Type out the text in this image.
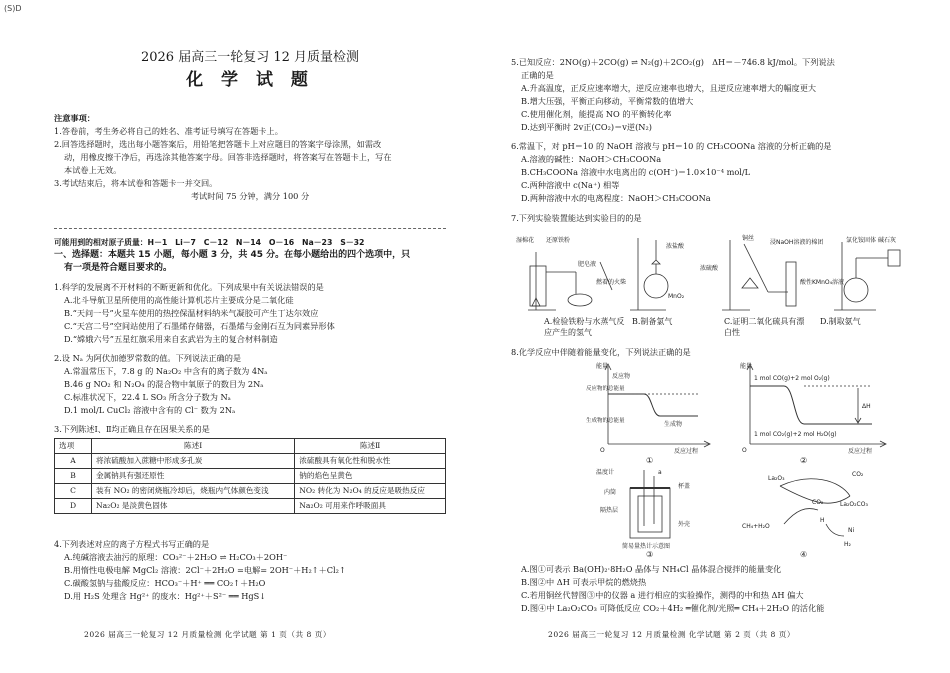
(S)D
2026 届高三一轮复习 12 月质量检测
化 学 试 题
注意事项：
1.答卷前，考生务必将自己的姓名、准考证号填写在答题卡上。
2.回答选择题时，选出每小题答案后，用铅笔把答题卡上对应题目的答案字母涂黑，如需改
动，用橡皮擦干净后，再选涂其他答案字母。回答非选择题时，将答案写在答题卡上，写在
本试卷上无效。
3.考试结束后，将本试卷和答题卡一并交回。
考试时间 75 分钟，满分 100 分
可能用到的相对原子质量：H－1　Li－7　C－12　N－14　O－16　Na－23　S－32
一、选择题：本题共 15 小题，每小题 3 分，共 45 分。在每小题给出的四个选项中，只
有一项是符合题目要求的。
1.科学的发展离不开材料的不断更新和优化。下列成果中有关说法错误的是
A.北斗导航卫星所使用的高性能计算机芯片主要成分是二氧化硅
B.“天问一号”火星车使用的热控保温材料纳米气凝胶可产生丁达尔效应
C.“天宫二号”空间站使用了石墨烯存储器，石墨烯与金刚石互为同素异形体
D.“嫦娥六号”五星红旗采用来自玄武岩为主的复合材料制造
2.设 Nₐ 为阿伏加德罗常数的值。下列说法正确的是
A.常温常压下，7.8 g 的 Na₂O₂ 中含有的离子数为 4Nₐ
B.46 g NO₂ 和 N₂O₄ 的混合物中氧原子的数目为 2Nₐ
C.标准状况下，22.4 L SO₃ 所含分子数为 Nₐ
D.1 mol/L CuCl₂ 溶液中含有的 Cl⁻ 数为 2Nₐ
3.下列陈述Ⅰ、Ⅱ均正确且存在因果关系的是
选项	陈述Ⅰ	陈述Ⅱ
A	将浓硫酸加入蔗糖中形成多孔炭	浓硫酸具有氧化性和脱水性
B	金属钠具有强还原性	钠的焰色呈黄色
C	装有 NO₂ 的密闭烧瓶冷却后，烧瓶内气体颜色变浅	NO₂ 转化为 N₂O₄ 的反应是吸热反应
D	Na₂O₂ 是淡黄色固体	Na₂O₂ 可用来作呼吸面具
4.下列表述对应的离子方程式书写正确的是
A.纯碱溶液去油污的原理：CO₃²⁻＋2H₂O ⇌ H₂CO₃＋2OH⁻
B.用惰性电极电解 MgCl₂ 溶液：2Cl⁻＋2H₂O =电解= 2OH⁻＋H₂↑＋Cl₂↑
C.碳酸氢钠与盐酸反应：HCO₃⁻＋H⁺ ══ CO₂↑＋H₂O
D.用 H₂S 处理含 Hg²⁺ 的废水：Hg²⁺＋S²⁻ ══ HgS↓
2026 届高三一轮复习 12 月质量检测 化学试题 第 1 页（共 8 页）
5.已知反应：2NO(g)＋2CO(g) ⇌ N₂(g)＋2CO₂(g)　ΔH＝－746.8 kJ/mol。下列说法
正确的是
A.升高温度，正反应速率增大，逆反应速率也增大，且逆反应速率增大的幅度更大
B.增大压强，平衡正向移动，平衡常数的值增大
C.使用催化剂，能提高 NO 的平衡转化率
D.达到平衡时 2v正(CO₂)＝v逆(N₂)
6.常温下，对 pH＝10 的 NaOH 溶液与 pH＝10 的 CH₃COONa 溶液的分析正确的是
A.溶液的碱性：NaOH＞CH₃COONa
B.CH₃COONa 溶液中水电离出的 c(OH⁻)＝1.0×10⁻⁴ mol/L
C.两种溶液中 c(Na⁺) 相等
D.两种溶液中水的电离程度：NaOH＞CH₃COONa
7.下列实验装置能达到实验目的的是
湿棉花 还原铁粉
肥皂液
燃着的火柴
浓盐酸
MnO₂
铜丝
浸NaOH溶液的棉团
浓硫酸
酸性KMnO₄溶液
氯化铵固体 碱石灰
A.检验铁粉与水蒸气反应产生的氢气
B.制备氯气	C.证明二氧化硫具有漂白性
D.制取氨气
8.化学反应中伴随着能量变化，下列说法正确的是
能量
反应物
反应物的总能量
生成物的总能量	生成物
O	反应过程
①
能量
1 mol CO(g)+2 mol O₂(g)
1 mol CO₂(g)+2 mol H₂O(g)
ΔH
O	反应过程
②
温度计	a
杯盖
内筒
隔热层
外壳
简易量热计示意图
③
La₂O₃
CO₂
La₂O₂CO₃
CO₂
CH₄+H₂O
H
Ni
H₂
④
A.图①可表示 Ba(OH)₂·8H₂O 晶体与 NH₄Cl 晶体混合搅拌的能量变化
B.图②中 ΔH 可表示甲烷的燃烧热
C.若用铜丝代替图③中的仪器 a 进行相应的实验操作，测得的中和热 ΔH 偏大
D.图④中 La₂O₂CO₃ 可降低反应 CO₂＋4H₂ ═催化剂/光照═ CH₄＋2H₂O 的活化能
2026 届高三一轮复习 12 月质量检测 化学试题 第 2 页（共 8 页）
